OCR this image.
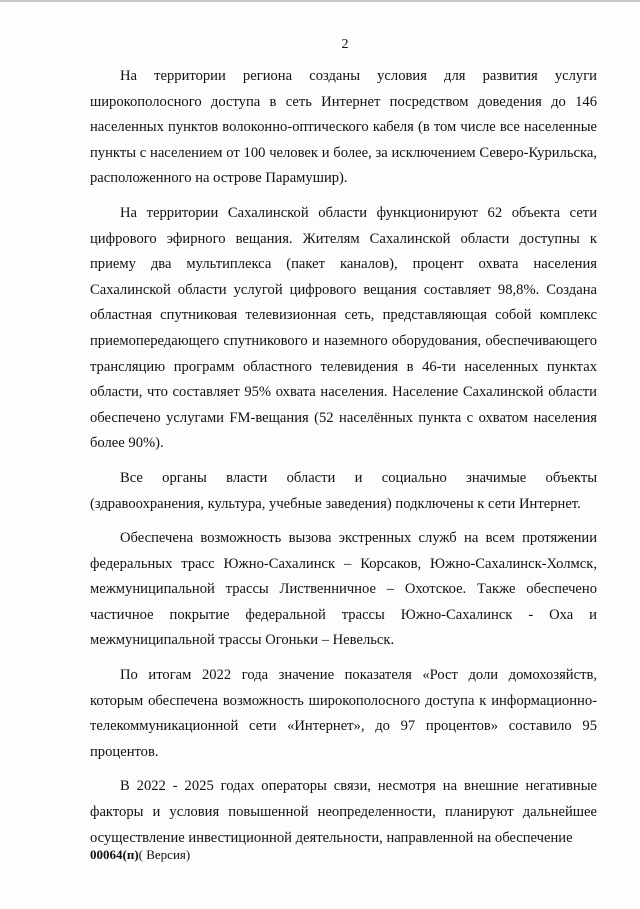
2

На территории региона созданы условия для развития услуги широкополосного доступа в сеть Интернет посредством доведения до 146 населенных пунктов волоконно-оптического кабеля (в том числе все населенные пункты с населением от 100 человек и более, за исключением Северо-Курильска, расположенного на острове Парамушир).

На территории Сахалинской области функционируют 62 объекта сети цифрового эфирного вещания. Жителям Сахалинской области доступны к приему два мультиплекса (пакет каналов), процент охвата населения Сахалинской области услугой цифрового вещания составляет 98,8%. Создана областная спутниковая телевизионная сеть, представляющая собой комплекс приемопередающего спутникового и наземного оборудования, обеспечивающего трансляцию программ областного телевидения в 46-ти населенных пунктах области, что составляет 95% охвата населения. Население Сахалинской области обеспечено услугами FM-вещания (52 населённых пункта с охватом населения более 90%).

Все органы власти области и социально значимые объекты (здравоохранения, культура, учебные заведения) подключены к сети Интернет.

Обеспечена возможность вызова экстренных служб на всем протяжении федеральных трасс Южно-Сахалинск – Корсаков, Южно-Сахалинск-Холмск, межмуниципальной трассы Лиственничное – Охотское. Также обеспечено частичное покрытие федеральной трассы Южно-Сахалинск - Оха и межмуниципальной трассы Огоньки – Невельск.

По итогам 2022 года значение показателя «Рост доли домохозяйств, которым обеспечена возможность широкополосного доступа к информационно-телекоммуникационной сети «Интернет», до 97 процентов» составило 95 процентов.

В 2022 - 2025 годах операторы связи, несмотря на внешние негативные факторы и условия повышенной неопределенности, планируют дальнейшее осуществление инвестиционной деятельности, направленной на обеспечение

00064(п)( Версия)
